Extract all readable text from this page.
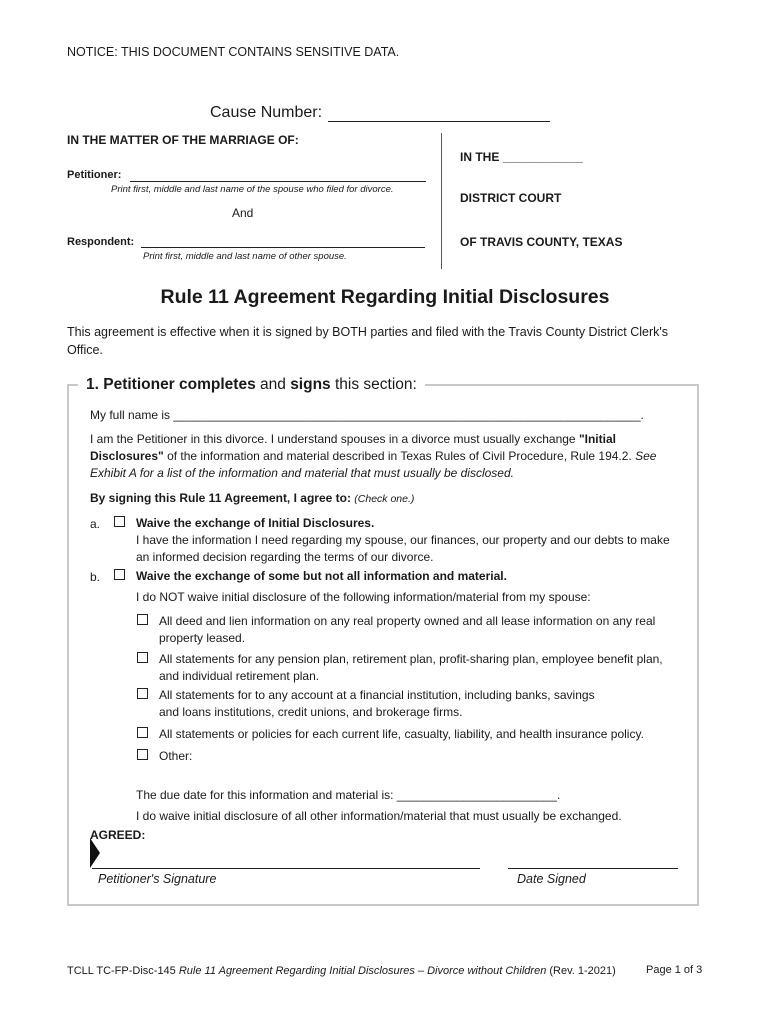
NOTICE: THIS DOCUMENT CONTAINS SENSITIVE DATA.
Cause Number:
IN THE MATTER OF THE MARRIAGE OF:
Petitioner:
Print first, middle and last name of the spouse who filed for divorce.
And
Respondent:
Print first, middle and last name of other spouse.
IN THE ____________
DISTRICT COURT
OF TRAVIS COUNTY, TEXAS
Rule 11 Agreement Regarding Initial Disclosures
This agreement is effective when it is signed by BOTH parties and filed with the Travis County District Clerk's
Office.
1. Petitioner completes and signs this section:
My full name is ______________________________________________________________________.
I am the Petitioner in this divorce. I understand spouses in a divorce must usually exchange "Initial
Disclosures" of the information and material described in Texas Rules of Civil Procedure, Rule 194.2. See
Exhibit A for a list of the information and material that must usually be disclosed.
By signing this Rule 11 Agreement, I agree to: (Check one.)
a.	Waive the exchange of Initial Disclosures.
I have the information I need regarding my spouse, our finances, our property and our debts to make
an informed decision regarding the terms of our divorce.
b.	Waive the exchange of some but not all information and material.
I do NOT waive initial disclosure of the following information/material from my spouse:
All deed and lien information on any real property owned and all lease information on any real
property leased.
All statements for any pension plan, retirement plan, profit-sharing plan, employee benefit plan,
and individual retirement plan.
All statements for to any account at a financial institution, including banks, savings
and loans institutions, credit unions, and brokerage firms.
All statements or policies for each current life, casualty, liability, and health insurance policy.
Other:
The due date for this information and material is: ________________________.
I do waive initial disclosure of all other information/material that must usually be exchanged.
AGREED:
Petitioner's Signature	Date Signed
TCLL TC-FP-Disc-145 Rule 11 Agreement Regarding Initial Disclosures – Divorce without Children (Rev. 1-2021)	Page 1 of 3
